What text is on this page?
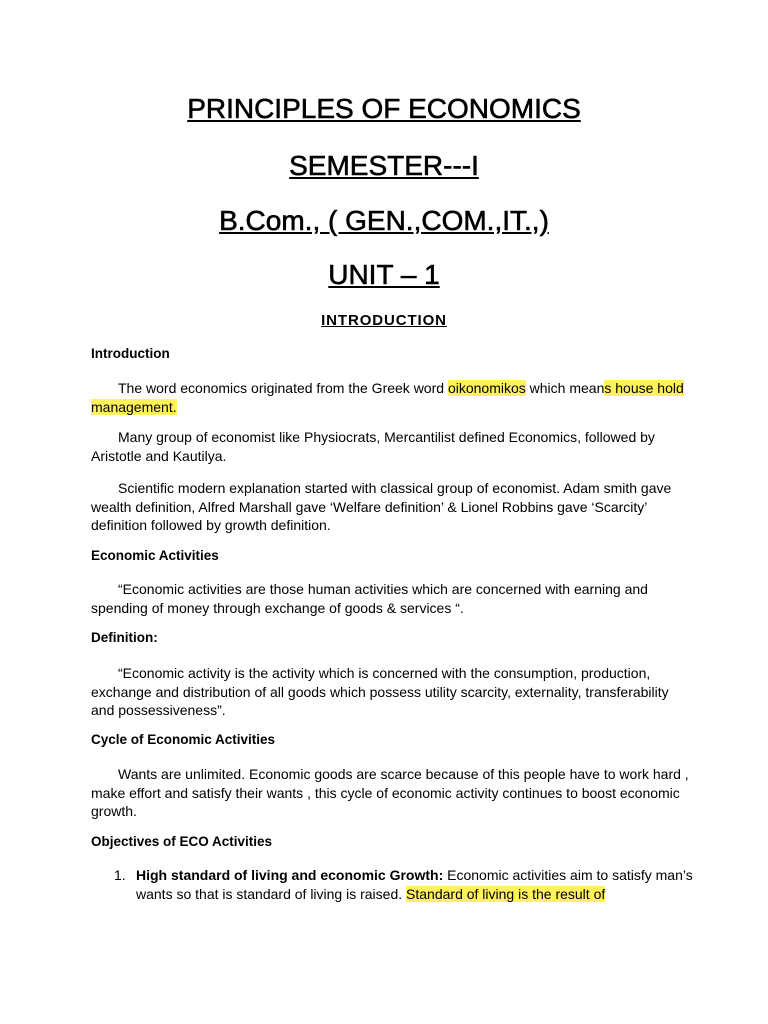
PRINCIPLES OF ECONOMICS
SEMESTER---I
B.Com., ( GEN.,COM.,IT.,)
UNIT – 1
INTRODUCTION
Introduction
The word economics originated from the Greek word oikonomikos which means house hold management.
Many group of economist like Physiocrats, Mercantilist defined Economics, followed by Aristotle and Kautilya.
Scientific modern explanation started with classical group of economist. Adam smith gave wealth definition, Alfred Marshall gave ‘Welfare definition’ & Lionel Robbins gave ‘Scarcity’ definition followed by growth definition.
Economic Activities
“Economic activities are those human activities which are concerned with earning and spending of money through exchange of goods & services “.
Definition:
“Economic activity is the activity which is concerned with the consumption, production, exchange and distribution of all goods which possess utility scarcity, externality, transferability and possessiveness”.
Cycle of Economic Activities
Wants are unlimited. Economic goods are scarce because of this people have to work hard , make effort and satisfy their wants , this cycle of economic activity continues to boost economic growth.
Objectives of ECO Activities
1. High standard of living and economic Growth: Economic activities aim to satisfy man’s wants so that is standard of living is raised. Standard of living is the result of
